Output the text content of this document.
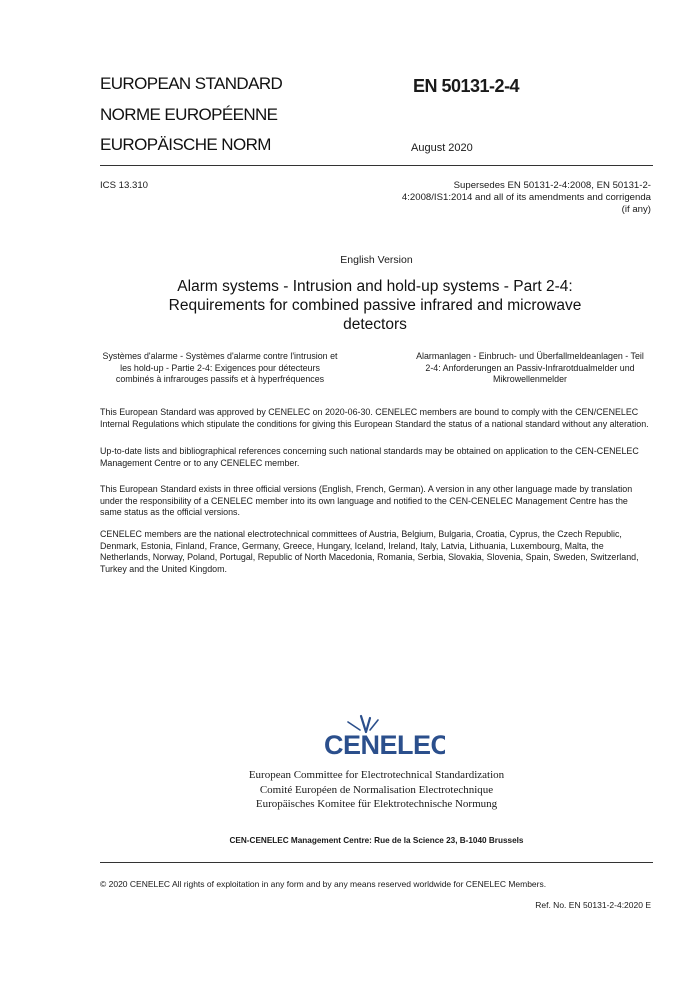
EUROPEAN STANDARD
NORME EUROPÉENNE
EUROPÄISCHE NORM
EN 50131-2-4
August 2020
ICS 13.310	Supersedes EN 50131-2-4:2008, EN 50131-2-
4:2008/IS1:2014 and all of its amendments and corrigenda
(if any)
English Version
Alarm systems - Intrusion and hold-up systems - Part 2-4:
Requirements for combined passive infrared and microwave
detectors
Systèmes d'alarme - Systèmes d'alarme contre l'intrusion et
les hold-up - Partie 2-4: Exigences pour détecteurs
combinés à infrarouges passifs et à hyperfréquences
Alarmanlagen - Einbruch- und Überfallmeldeanlagen - Teil
2-4: Anforderungen an Passiv-Infrarotdualmelder und
Mikrowellenmelder
This European Standard was approved by CENELEC on 2020-06-30. CENELEC members are bound to comply with the CEN/CENELEC
Internal Regulations which stipulate the conditions for giving this European Standard the status of a national standard without any alteration.
Up-to-date lists and bibliographical references concerning such national standards may be obtained on application to the CEN-CENELEC
Management Centre or to any CENELEC member.
This European Standard exists in three official versions (English, French, German). A version in any other language made by translation
under the responsibility of a CENELEC member into its own language and notified to the CEN-CENELEC Management Centre has the
same status as the official versions.
CENELEC members are the national electrotechnical committees of Austria, Belgium, Bulgaria, Croatia, Cyprus, the Czech Republic,
Denmark, Estonia, Finland, France, Germany, Greece, Hungary, Iceland, Ireland, Italy, Latvia, Lithuania, Luxembourg, Malta, the
Netherlands, Norway, Poland, Portugal, Republic of North Macedonia, Romania, Serbia, Slovakia, Slovenia, Spain, Sweden, Switzerland,
Turkey and the United Kingdom.
CENELEC
European Committee for Electrotechnical Standardization
Comité Européen de Normalisation Electrotechnique
Europäisches Komitee für Elektrotechnische Normung
CEN-CENELEC Management Centre: Rue de la Science 23, B-1040 Brussels
© 2020 CENELEC All rights of exploitation in any form and by any means reserved worldwide for CENELEC Members.
Ref. No. EN 50131-2-4:2020 E
